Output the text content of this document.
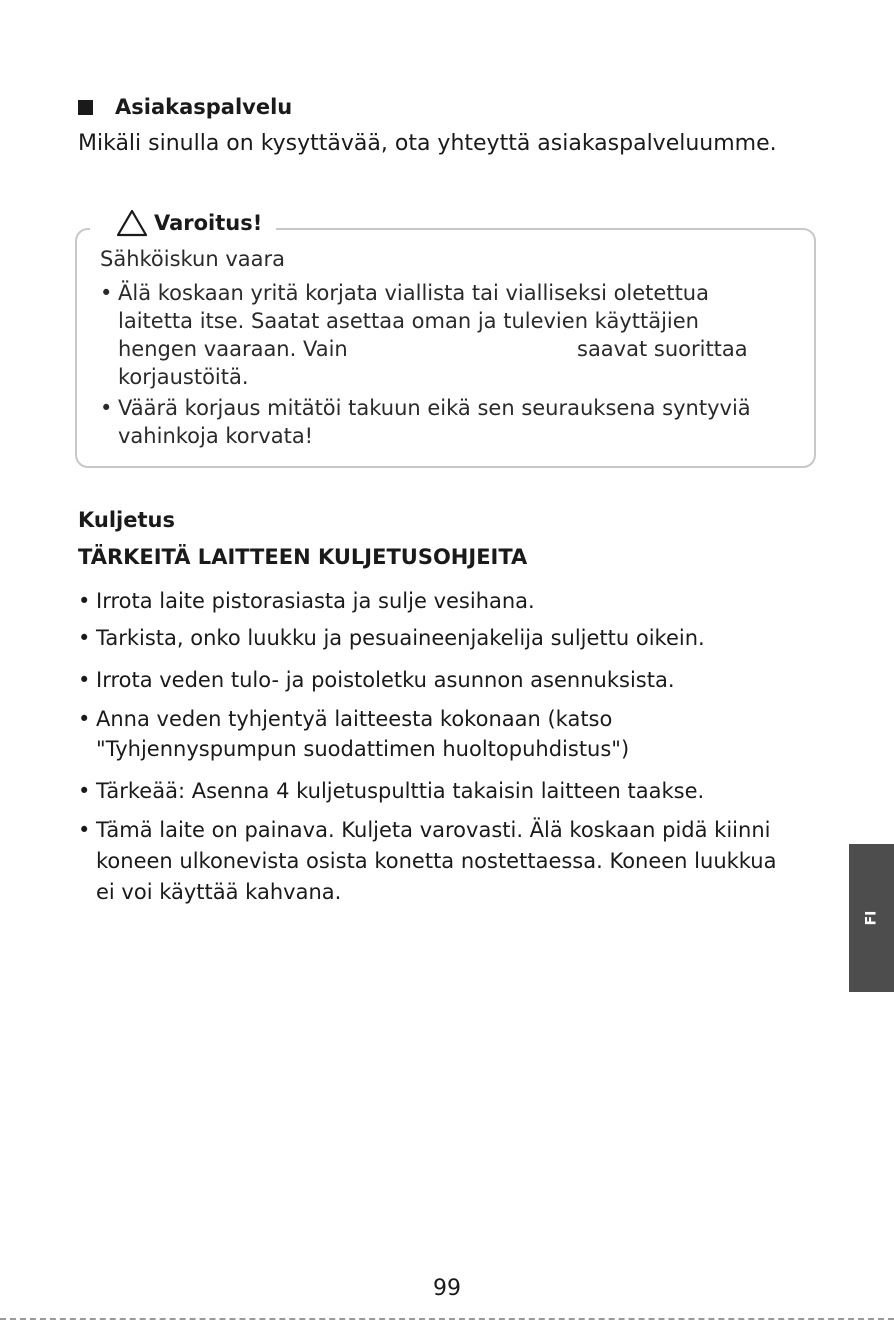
Asiakaspalvelu
Mikäli sinulla on kysyttävää, ota yhteyttä asiakaspalveluumme.
Varoitus!
Sähköiskun vaara
• Älä koskaan yritä korjata viallista tai vialliseksi oletettua
laitetta itse. Saatat asettaa oman ja tulevien käyttäjien
hengen vaaraan. Vain	saavat suorittaa
korjaustöitä.
• Väärä korjaus mitätöi takuun eikä sen seurauksena syntyviä
vahinkoja korvata!
Kuljetus
TÄRKEITÄ LAITTEEN KULJETUSOHJEITA
• Irrota laite pistorasiasta ja sulje vesihana.
• Tarkista, onko luukku ja pesuaineenjakelija suljettu oikein.
• Irrota veden tulo- ja poistoletku asunnon asennuksista.
• Anna veden tyhjentyä laitteesta kokonaan (katso
"Tyhjennyspumpun suodattimen huoltopuhdistus")
• Tärkeää: Asenna 4 kuljetuspulttia takaisin laitteen taakse.
• Tämä laite on painava. Kuljeta varovasti. Älä koskaan pidä kiinni
koneen ulkonevista osista konetta nostettaessa. Koneen luukkua
ei voi käyttää kahvana.
FI
99
